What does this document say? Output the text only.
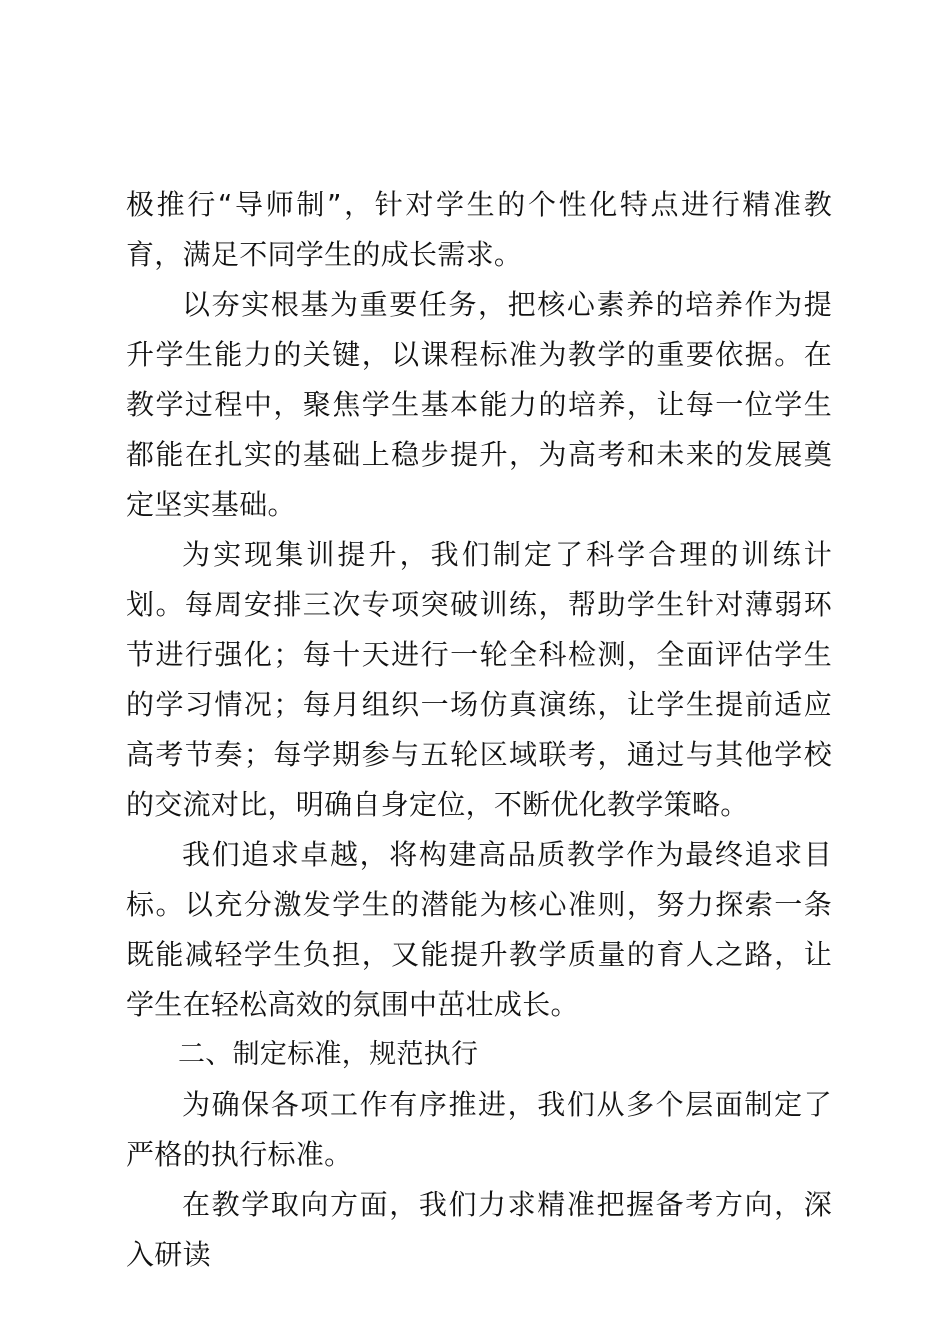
极推行“导师制”，针对学生的个性化特点进行精准教育，满足不同学生的成长需求。

以夯实根基为重要任务，把核心素养的培养作为提升学生能力的关键，以课程标准为教学的重要依据。在教学过程中，聚焦学生基本能力的培养，让每一位学生都能在扎实的基础上稳步提升，为高考和未来的发展奠定坚实基础。

为实现集训提升，我们制定了科学合理的训练计划。每周安排三次专项突破训练，帮助学生针对薄弱环节进行强化；每十天进行一轮全科检测，全面评估学生的学习情况；每月组织一场仿真演练，让学生提前适应高考节奏；每学期参与五轮区域联考，通过与其他学校的交流对比，明确自身定位，不断优化教学策略。

我们追求卓越，将构建高品质教学作为最终追求目标。以充分激发学生的潜能为核心准则，努力探索一条既能减轻学生负担，又能提升教学质量的育人之路，让学生在轻松高效的氛围中茁壮成长。

二、制定标准，规范执行

为确保各项工作有序推进，我们从多个层面制定了严格的执行标准。

在教学取向方面，我们力求精准把握备考方向，深入研读
